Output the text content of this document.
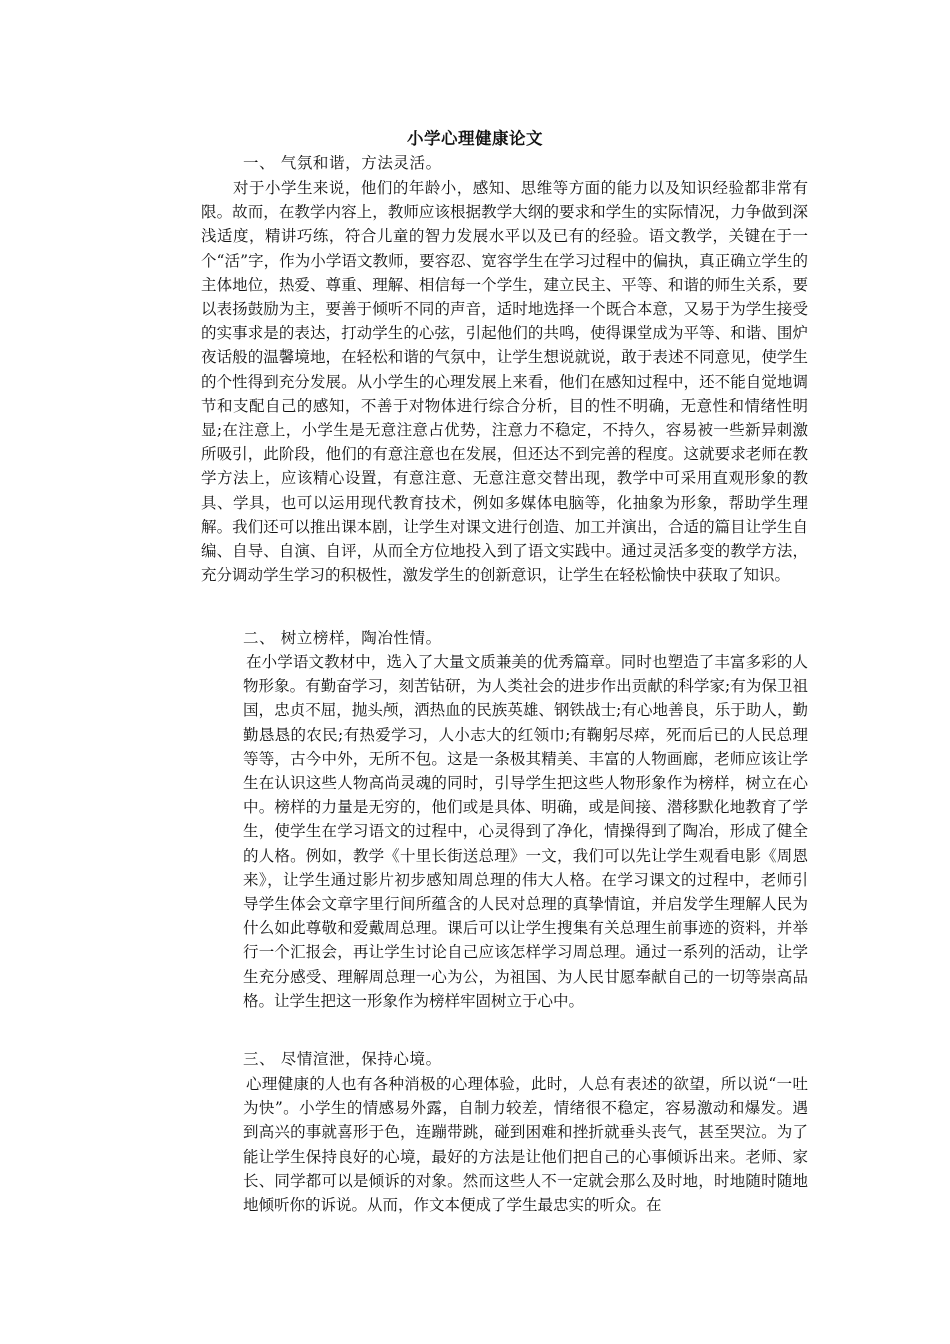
小学心理健康论文
一、 气氛和谐，方法灵活。
对于小学生来说，他们的年龄小，感知、思维等方面的能力以及知识经验都非常有限。故而，在教学内容上，教师应该根据教学大纲的要求和学生的实际情况，力争做到深浅适度，精讲巧练，符合儿童的智力发展水平以及已有的经验。语文教学，关键在于一个“活”字，作为小学语文教师，要容忍、宽容学生在学习过程中的偏执，真正确立学生的主体地位，热爱、尊重、理解、相信每一个学生，建立民主、平等、和谐的师生关系，要以表扬鼓励为主，要善于倾听不同的声音，适时地选择一个既合本意，又易于为学生接受的实事求是的表达，打动学生的心弦，引起他们的共鸣，使得课堂成为平等、和谐、围炉夜话般的温馨境地，在轻松和谐的气氛中，让学生想说就说，敢于表述不同意见，使学生的个性得到充分发展。从小学生的心理发展上来看，他们在感知过程中，还不能自觉地调节和支配自己的感知，不善于对物体进行综合分析，目的性不明确，无意性和情绪性明显;在注意上，小学生是无意注意占优势，注意力不稳定，不持久，容易被一些新异刺激所吸引，此阶段，他们的有意注意也在发展，但还达不到完善的程度。这就要求老师在教学方法上，应该精心设置，有意注意、无意注意交替出现，教学中可采用直观形象的教具、学具，也可以运用现代教育技术，例如多媒体电脑等，化抽象为形象，帮助学生理解。我们还可以推出课本剧，让学生对课文进行创造、加工并演出，合适的篇目让学生自编、自导、自演、自评，从而全方位地投入到了语文实践中。通过灵活多变的教学方法，充分调动学生学习的积极性，激发学生的创新意识，让学生在轻松愉快中获取了知识。
二、 树立榜样，陶冶性情。
在小学语文教材中，选入了大量文质兼美的优秀篇章。同时也塑造了丰富多彩的人物形象。有勤奋学习，刻苦钻研，为人类社会的进步作出贡献的科学家;有为保卫祖国，忠贞不屈，抛头颅，洒热血的民族英雄、钢铁战士;有心地善良，乐于助人，勤勤恳恳的农民;有热爱学习，人小志大的红领巾;有鞠躬尽瘁，死而后已的人民总理等等，古今中外，无所不包。这是一条极其精美、丰富的人物画廊，老师应该让学生在认识这些人物高尚灵魂的同时，引导学生把这些人物形象作为榜样，树立在心中。榜样的力量是无穷的，他们或是具体、明确，或是间接、潜移默化地教育了学生，使学生在学习语文的过程中，心灵得到了净化，情操得到了陶冶，形成了健全的人格。例如，教学《十里长街送总理》一文，我们可以先让学生观看电影《周恩来》，让学生通过影片初步感知周总理的伟大人格。在学习课文的过程中，老师引导学生体会文章字里行间所蕴含的人民对总理的真挚情谊，并启发学生理解人民为什么如此尊敬和爱戴周总理。课后可以让学生搜集有关总理生前事迹的资料，并举行一个汇报会，再让学生讨论自己应该怎样学习周总理。通过一系列的活动，让学生充分感受、理解周总理一心为公，为祖国、为人民甘愿奉献自己的一切等崇高品格。让学生把这一形象作为榜样牢固树立于心中。
三、 尽情渲泄，保持心境。
心理健康的人也有各种消极的心理体验，此时，人总有表述的欲望，所以说“一吐为快”。小学生的情感易外露，自制力较差，情绪很不稳定，容易激动和爆发。遇到高兴的事就喜形于色，连蹦带跳，碰到困难和挫折就垂头丧气，甚至哭泣。为了能让学生保持良好的心境，最好的方法是让他们把自己的心事倾诉出来。老师、家长、同学都可以是倾诉的对象。然而这些人不一定就会那么及时地，时地随时随地地倾听你的诉说。从而，作文本便成了学生最忠实的听众。在
